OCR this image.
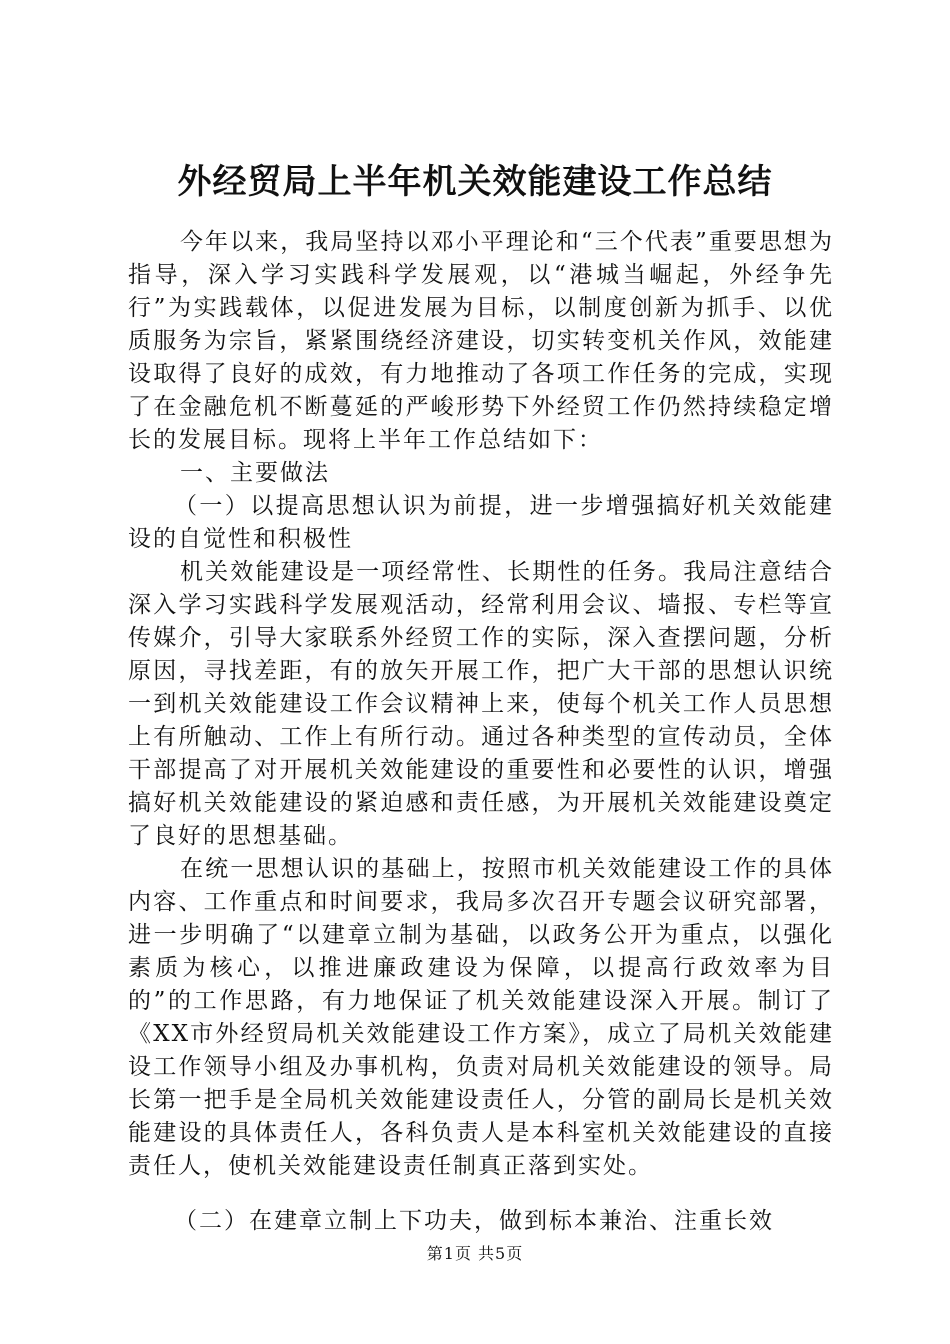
外经贸局上半年机关效能建设工作总结

今年以来，我局坚持以邓小平理论和“三个代表”重要思想为指导，深入学习实践科学发展观，以“港城当崛起，外经争先行”为实践载体，以促进发展为目标，以制度创新为抓手、以优质服务为宗旨，紧紧围绕经济建设，切实转变机关作风，效能建设取得了良好的成效，有力地推动了各项工作任务的完成，实现了在金融危机不断蔓延的严峻形势下外经贸工作仍然持续稳定增长的发展目标。现将上半年工作总结如下：

一、主要做法

（一）以提高思想认识为前提，进一步增强搞好机关效能建设的自觉性和积极性

机关效能建设是一项经常性、长期性的任务。我局注意结合深入学习实践科学发展观活动，经常利用会议、墙报、专栏等宣传媒介，引导大家联系外经贸工作的实际，深入查摆问题，分析原因，寻找差距，有的放矢开展工作，把广大干部的思想认识统一到机关效能建设工作会议精神上来，使每个机关工作人员思想上有所触动、工作上有所行动。通过各种类型的宣传动员，全体干部提高了对开展机关效能建设的重要性和必要性的认识，增强搞好机关效能建设的紧迫感和责任感，为开展机关效能建设奠定了良好的思想基础。

在统一思想认识的基础上，按照市机关效能建设工作的具体内容、工作重点和时间要求，我局多次召开专题会议研究部署，进一步明确了“以建章立制为基础，以政务公开为重点，以强化素质为核心，以推进廉政建设为保障，以提高行政效率为目的”的工作思路，有力地保证了机关效能建设深入开展。制订了《XX市外经贸局机关效能建设工作方案》，成立了局机关效能建设工作领导小组及办事机构，负责对局机关效能建设的领导。局长第一把手是全局机关效能建设责任人，分管的副局长是机关效能建设的具体责任人，各科负责人是本科室机关效能建设的直接责任人，使机关效能建设责任制真正落到实处。

（二）在建章立制上下功夫，做到标本兼治、注重长效

第1页 共5页
